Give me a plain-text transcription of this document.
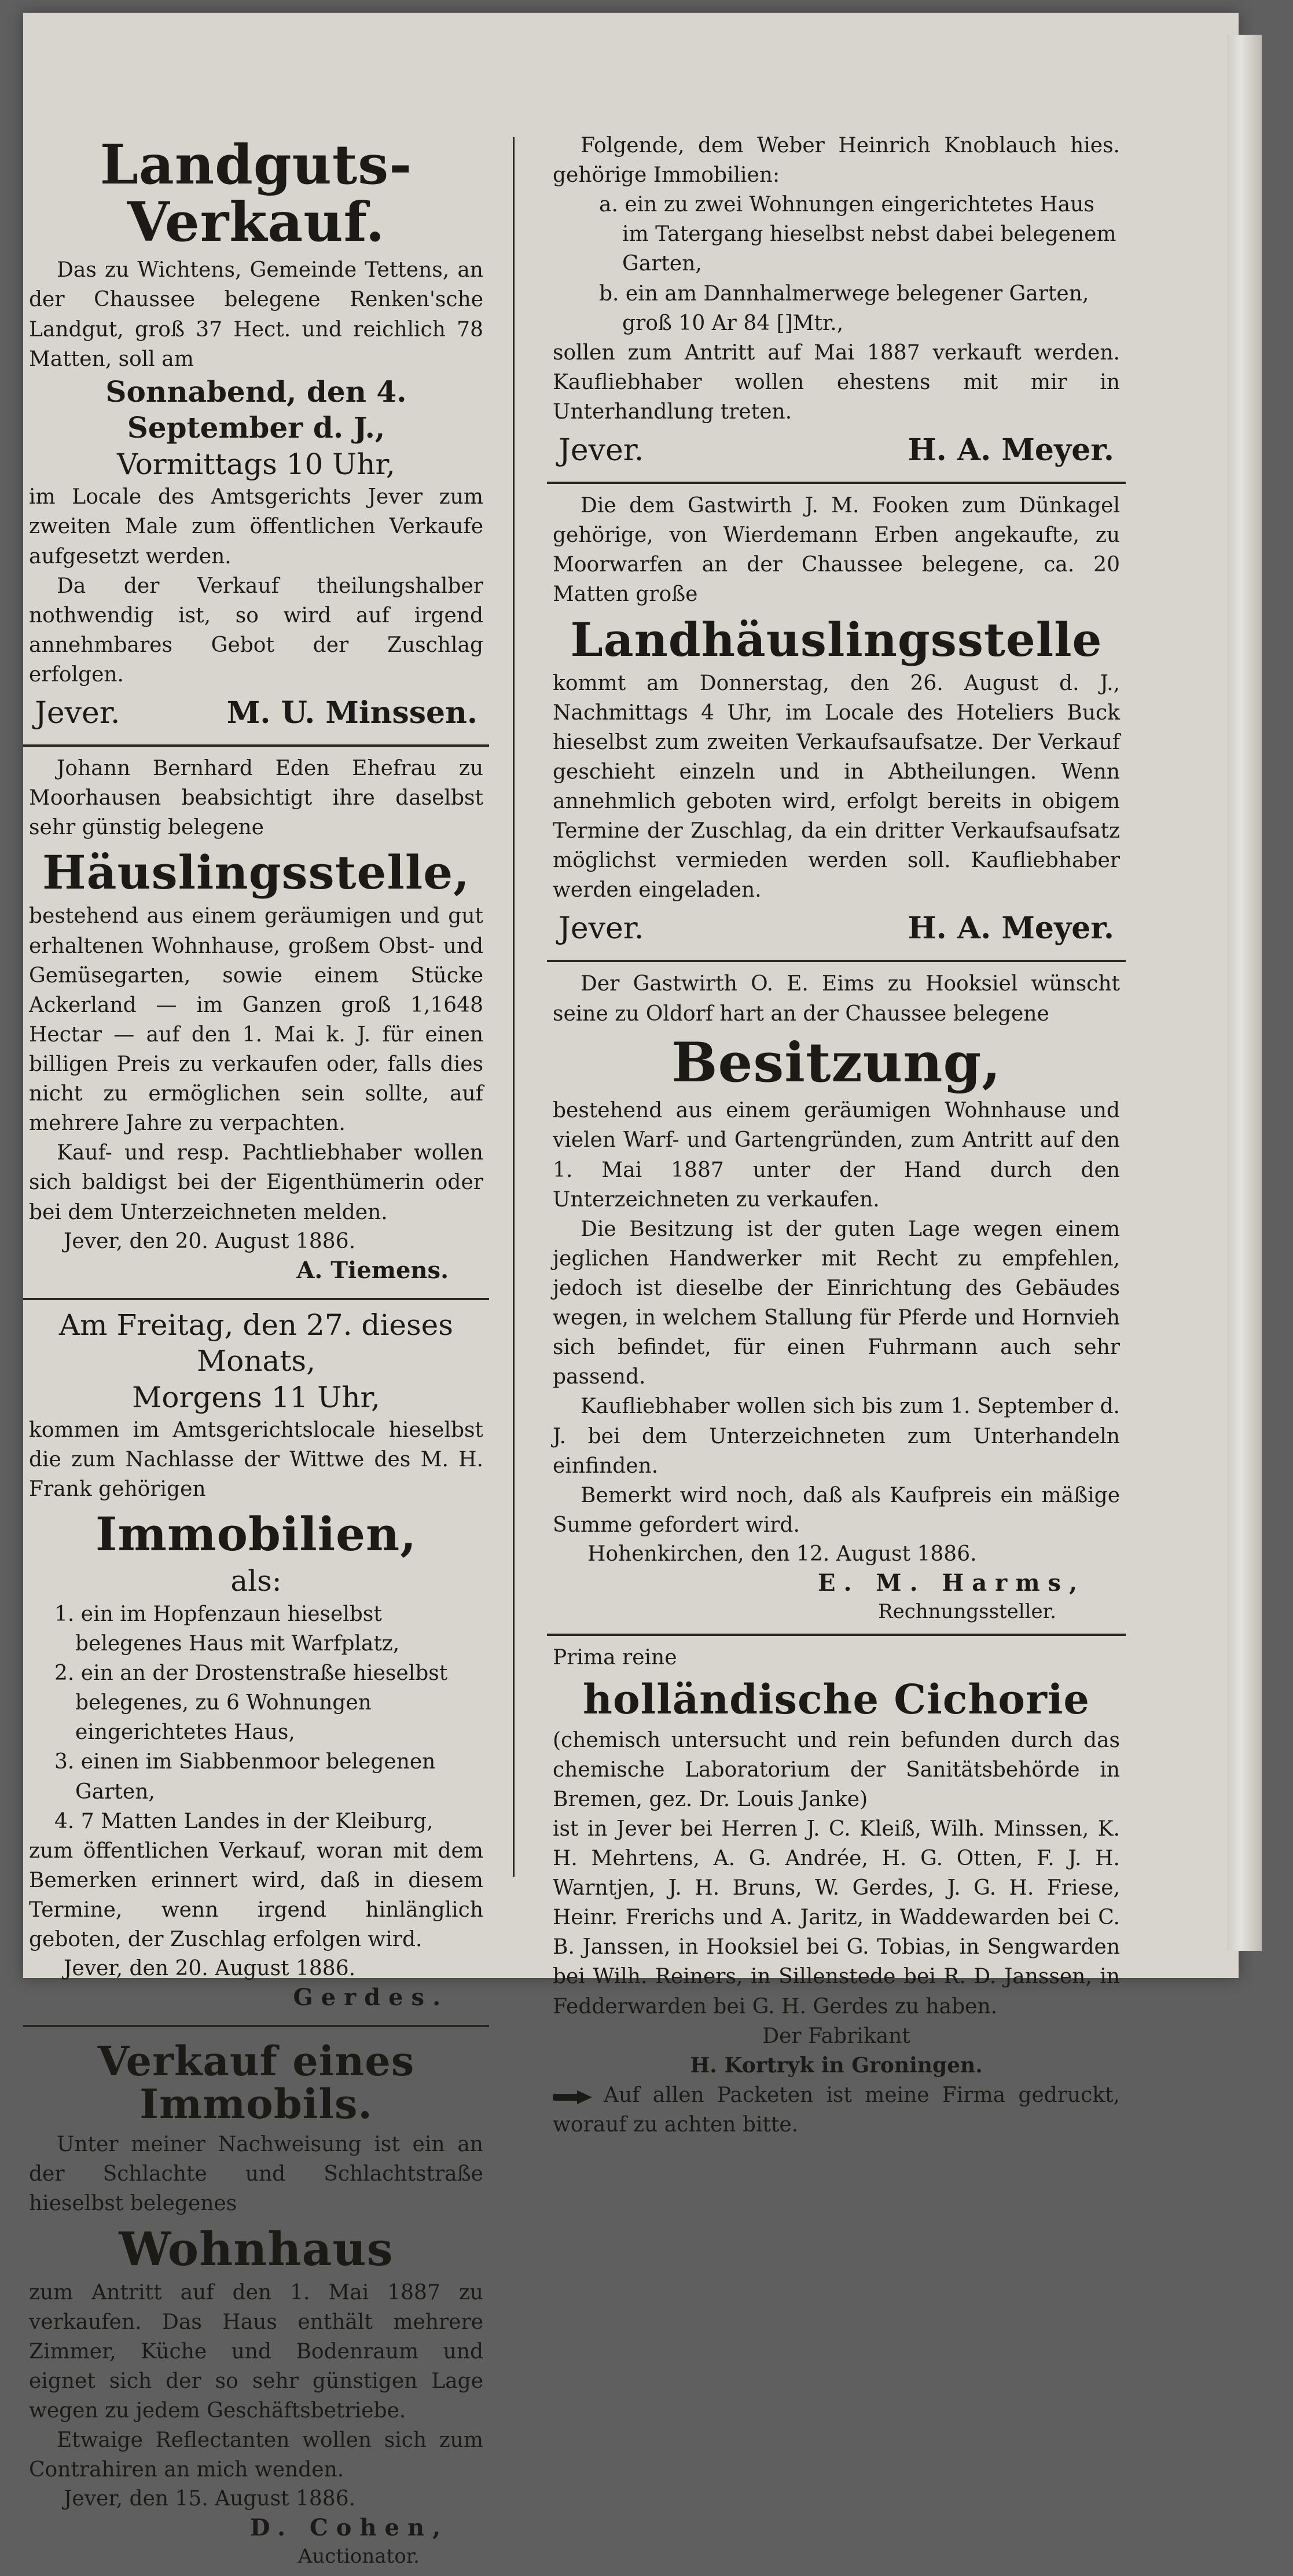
Landguts-Verkauf.

Das zu Wichtens, Gemeinde Tettens, an der Chaussee belegene Renken'sche Landgut, groß 37 Hect. und reichlich 78 Matten, soll am

Sonnabend, den 4. September d. J.,
Vormittags 10 Uhr,

im Locale des Amtsgerichts Jever zum zweiten Male zum öffentlichen Verkaufe aufgesetzt werden.

Da der Verkauf theilungshalber nothwendig ist, so wird auf irgend annehmbares Gebot der Zuschlag erfolgen.

Jever.	M. U. Minssen.

Johann Bernhard Eden Ehefrau zu Moorhausen beabsichtigt ihre daselbst sehr günstig belegene

Häuslingsstelle,

bestehend aus einem geräumigen und gut erhaltenen Wohnhause, großem Obst- und Gemüsegarten, sowie einem Stücke Ackerland — im Ganzen groß 1,1648 Hectar — auf den 1. Mai k. J. für einen billigen Preis zu verkaufen oder, falls dies nicht zu ermöglichen sein sollte, auf mehrere Jahre zu verpachten.

Kauf- und resp. Pachtliebhaber wollen sich baldigst bei der Eigenthümerin oder bei dem Unterzeichneten melden.

Jever, den 20. August 1886.

A. Tiemens.
Am Freitag, den 27. dieses Monats,
Morgens 11 Uhr,

kommen im Amtsgerichtslocale hieselbst die zum Nachlasse der Wittwe des M. H. Frank gehörigen

Immobilien,
als:

1. ein im Hopfenzaun hieselbst belegenes Haus mit Warfplatz,

2. ein an der Drostenstraße hieselbst belegenes, zu 6 Wohnungen eingerichtetes Haus,

3. einen im Siabbenmoor belegenen Garten,

4. 7 Matten Landes in der Kleiburg,

zum öffentlichen Verkauf, woran mit dem Bemerken erinnert wird, daß in diesem Termine, wenn irgend hinlänglich geboten, der Zuschlag erfolgen wird.

Jever, den 20. August 1886.

Gerdes.
Verkauf eines Immobils.

Unter meiner Nachweisung ist ein an der Schlachte und Schlachtstraße hieselbst belegenes

Wohnhaus

zum Antritt auf den 1. Mai 1887 zu verkaufen. Das Haus enthält mehrere Zimmer, Küche und Bodenraum und eignet sich der so sehr günstigen Lage wegen zu jedem Geschäftsbetriebe.

Etwaige Reflectanten wollen sich zum Contrahiren an mich wenden.

Jever, den 15. August 1886.

D. Cohen,

Auctionator.

Folgende, dem Weber Heinrich Knoblauch hies. gehörige Immobilien:

a. ein zu zwei Wohnungen eingerichtetes Haus im Tatergang hieselbst nebst dabei belegenem Garten,

b. ein am Dannhalmerwege belegener Garten, groß 10 Ar 84 []Mtr.,

sollen zum Antritt auf Mai 1887 verkauft werden. Kaufliebhaber wollen ehestens mit mir in Unterhandlung treten.

Jever.	H. A. Meyer.

Die dem Gastwirth J. M. Fooken zum Dünkagel gehörige, von Wierdemann Erben angekaufte, zu Moorwarfen an der Chaussee belegene, ca. 20 Matten große

Landhäuslingsstelle

kommt am Donnerstag, den 26. August d. J., Nachmittags 4 Uhr, im Locale des Hoteliers Buck hieselbst zum zweiten Verkaufsaufsatze. Der Verkauf geschieht einzeln und in Abtheilungen. Wenn annehmlich geboten wird, erfolgt bereits in obigem Termine der Zuschlag, da ein dritter Verkaufsaufsatz möglichst vermieden werden soll. Kaufliebhaber werden eingeladen.

Jever.	H. A. Meyer.

Der Gastwirth O. E. Eims zu Hooksiel wünscht seine zu Oldorf hart an der Chaussee belegene

Besitzung,

bestehend aus einem geräumigen Wohnhause und vielen Warf- und Gartengründen, zum Antritt auf den 1. Mai 1887 unter der Hand durch den Unterzeichneten zu verkaufen.

Die Besitzung ist der guten Lage wegen einem jeglichen Handwerker mit Recht zu empfehlen, jedoch ist dieselbe der Einrichtung des Gebäudes wegen, in welchem Stallung für Pferde und Hornvieh sich befindet, für einen Fuhrmann auch sehr passend.

Kaufliebhaber wollen sich bis zum 1. September d. J. bei dem Unterzeichneten zum Unterhandeln einfinden.

Bemerkt wird noch, daß als Kaufpreis ein mäßige Summe gefordert wird.

Hohenkirchen, den 12. August 1886.

E. M. Harms,

Rechnungssteller.

Prima reine

holländische Cichorie

(chemisch untersucht und rein befunden durch das chemische Laboratorium der Sanitätsbehörde in Bremen, gez. Dr. Louis Janke)

ist in Jever bei Herren J. C. Kleiß, Wilh. Minssen, K. H. Mehrtens, A. G. Andrée, H. G. Otten, F. J. H. Warntjen, J. H. Bruns, W. Gerdes, J. G. H. Friese, Heinr. Frerichs und A. Jaritz, in Waddewarden bei C. B. Janssen, in Hooksiel bei G. Tobias, in Sengwarden bei Wilh. Reiners, in Sillenstede bei R. D. Janssen, in Fedderwarden bei G. H. Gerdes zu haben.

Der Fabrikant

H. Kortryk in Groningen.

Auf allen Packeten ist meine Firma gedruckt, worauf zu achten bitte.
